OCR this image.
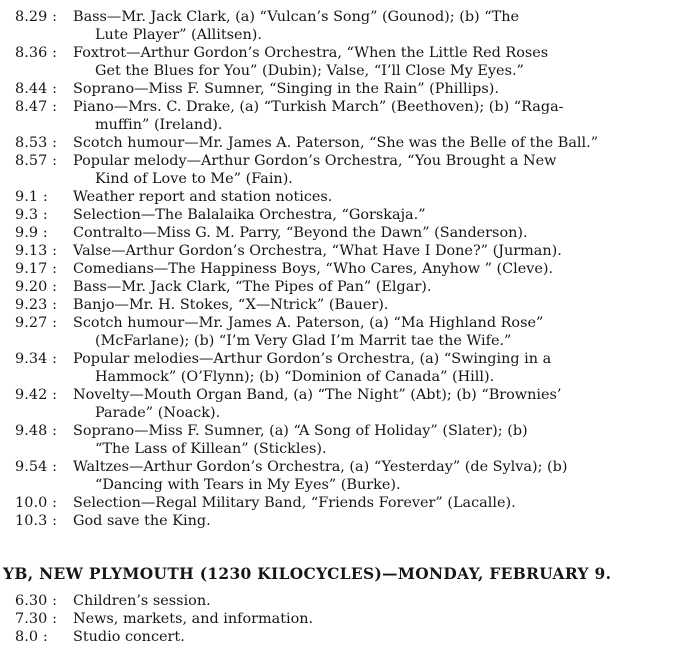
8.29 :	Bass—Mr. Jack Clark, (a) “Vulcan’s Song” (Gounod); (b) “The
Lute Player” (Allitsen).
8.36 :	Foxtrot—Arthur Gordon’s Orchestra, “When the Little Red Roses
Get the Blues for You” (Dubin); Valse, “I’ll Close My Eyes.”
8.44 :	Soprano—Miss F. Sumner, “Singing in the Rain” (Phillips).
8.47 :	Piano—Mrs. C. Drake, (a) “Turkish March” (Beethoven); (b) “Raga-
muffin” (Ireland).
8.53 :	Scotch humour—Mr. James A. Paterson, “She was the Belle of the Ball.”
8.57 :	Popular melody—Arthur Gordon’s Orchestra, “You Brought a New
Kind of Love to Me” (Fain).
9.1 :	Weather report and station notices.
9.3 :	Selection—The Balalaika Orchestra, “Gorskaja.”
9.9 :	Contralto—Miss G. M. Parry, “Beyond the Dawn” (Sanderson).
9.13 :	Valse—Arthur Gordon’s Orchestra, “What Have I Done?” (Jurman).
9.17 :	Comedians—The Happiness Boys, “Who Cares, Anyhow ” (Cleve).
9.20 :	Bass—Mr. Jack Clark, “The Pipes of Pan” (Elgar).
9.23 :	Banjo—Mr. H. Stokes, “X—Ntrick” (Bauer).
9.27 :	Scotch humour—Mr. James A. Paterson, (a) “Ma Highland Rose”
(McFarlane); (b) “I’m Very Glad I’m Marrit tae the Wife.”
9.34 :	Popular melodies—Arthur Gordon’s Orchestra, (a) “Swinging in a
Hammock” (O’Flynn); (b) “Dominion of Canada” (Hill).
9.42 :	Novelty—Mouth Organ Band, (a) “The Night” (Abt); (b) “Brownies’
Parade” (Noack).
9.48 :	Soprano—Miss F. Sumner, (a) “A Song of Holiday” (Slater); (b)
“The Lass of Killean” (Stickles).
9.54 :	Waltzes—Arthur Gordon’s Orchestra, (a) “Yesterday” (de Sylva); (b)
“Dancing with Tears in My Eyes” (Burke).
10.0 :	Selection—Regal Military Band, “Friends Forever” (Lacalle).
10.3 :	God save the King.
YB, NEW PLYMOUTH (1230 KILOCYCLES)—MONDAY, FEBRUARY 9.
6.30 :	Children’s session.
7.30 :	News, markets, and information.
8.0 :	Studio concert.
